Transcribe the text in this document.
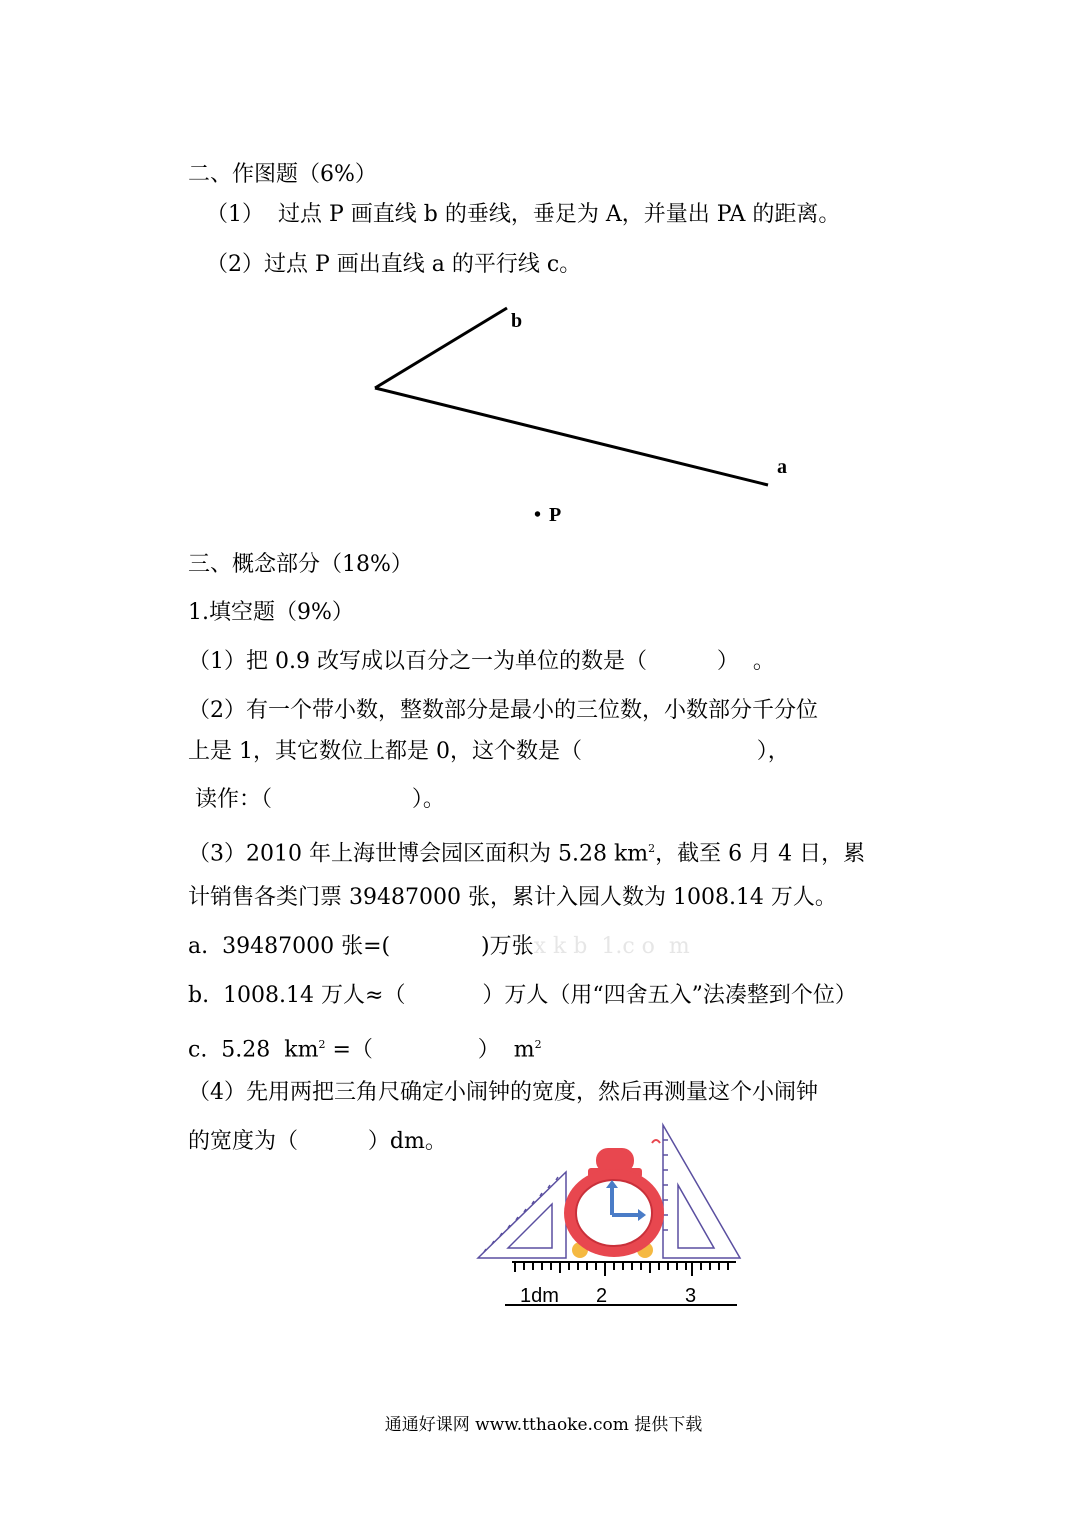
二、作图题（6%）
（1）  过点 P 画直线 b 的垂线，垂足为 A，并量出 PA 的距离。
（2）过点 P 画出直线 a 的平行线 c。
b
a
• P
三、概念部分（18%）
1.填空题（9%）
（1）把 0.9 改写成以百分之一为单位的数是（          ）  。
（2）有一个带小数，整数部分是最小的三位数，小数部分千分位
上是 1，其它数位上都是 0，这个数是（                         ），
读作：（                    ）。
（3）2010 年上海世博会园区面积为 5.28 $km^2$，截至 6 月 4 日，累
计销售各类门票 39487000 张，累计入园人数为 1008.14 万人。
a.  39487000 张=(             )万张x k b  1.c o  m
b.  1008.14 万人≈（           ）万人（用“四舍五入”法凑整到个位）
c.  5.28  $km^2$ =（               ）  $m^2$
（4）先用两把三角尺确定小闹钟的宽度，然后再测量这个小闹钟
的宽度为（          ）dm。
1dm 2	3
通通好课网 www.tthaoke.com 提供下载
